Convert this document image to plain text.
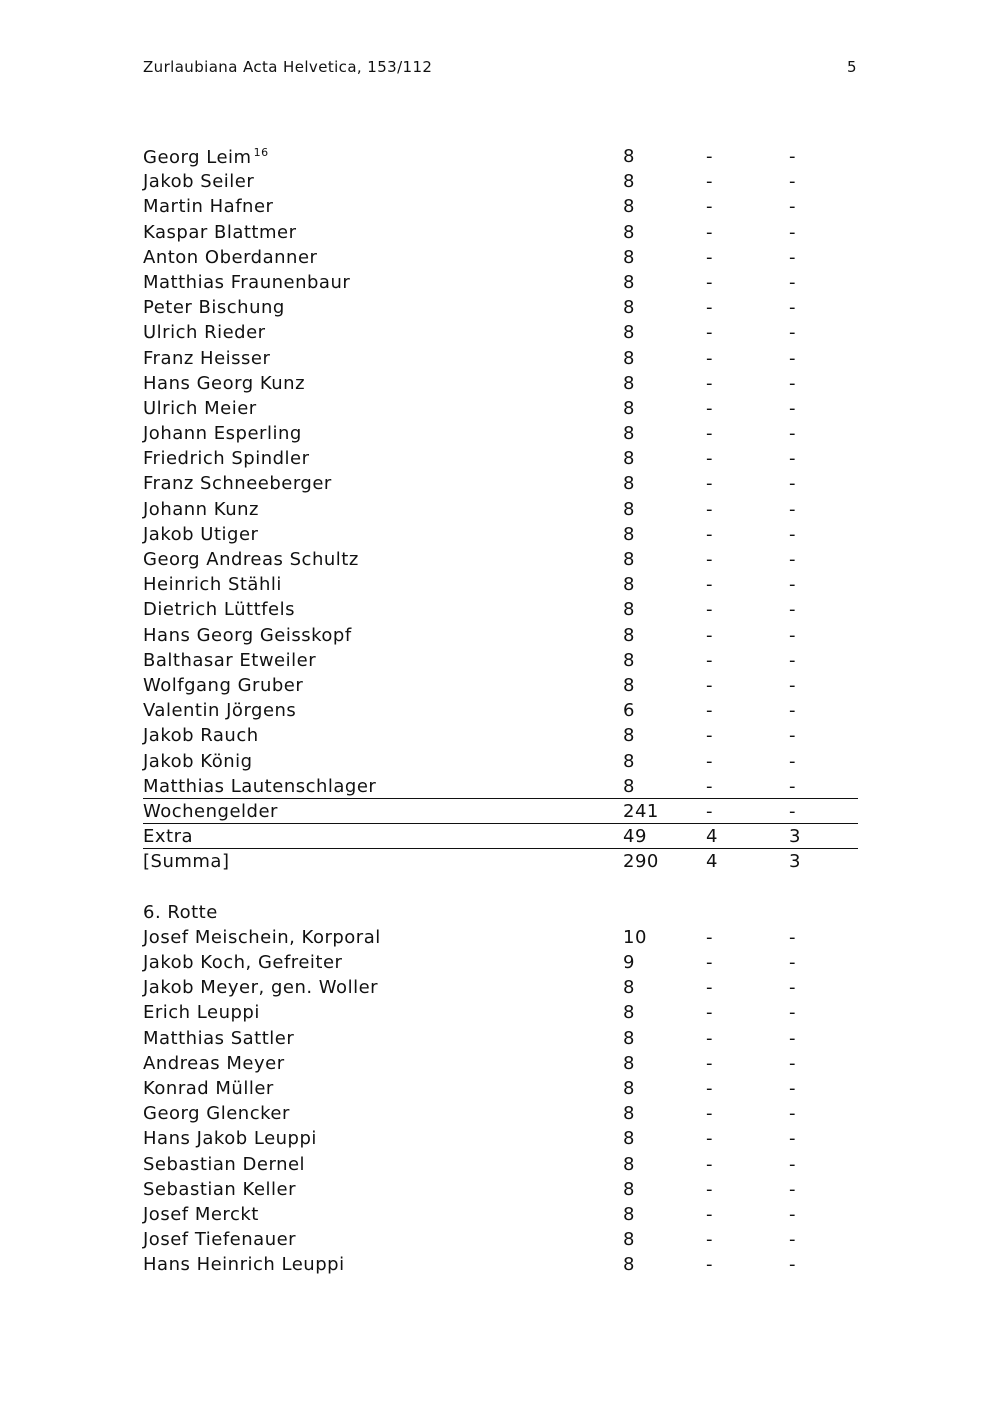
Zurlaubiana Acta Helvetica, 153/112	5
Georg Leim $^{16}$	8	-	-
Jakob Seiler	8	-	-
Martin Hafner	8	-	-
Kaspar Blattmer	8	-	-
Anton Oberdanner	8	-	-
Matthias Fraunenbaur	8	-	-
Peter Bischung	8	-	-
Ulrich Rieder	8	-	-
Franz Heisser	8	-	-
Hans Georg Kunz	8	-	-
Ulrich Meier	8	-	-
Johann Esperling	8	-	-
Friedrich Spindler	8	-	-
Franz Schneeberger	8	-	-
Johann Kunz	8	-	-
Jakob Utiger	8	-	-
Georg Andreas Schultz	8	-	-
Heinrich Stähli	8	-	-
Dietrich Lüttfels	8	-	-
Hans Georg Geisskopf	8	-	-
Balthasar Etweiler	8	-	-
Wolfgang Gruber	8	-	-
Valentin Jörgens	6	-	-
Jakob Rauch	8	-	-
Jakob König	8	-	-
Matthias Lautenschlager	8	-	-
Wochengelder	241	-	-
Extra	49	4	3
[Summa]	290	4	3
6. Rotte
Josef Meischein, Korporal	10	-	-
Jakob Koch, Gefreiter	9	-	-
Jakob Meyer, gen. Woller	8	-	-
Erich Leuppi	8	-	-
Matthias Sattler	8	-	-
Andreas Meyer	8	-	-
Konrad Müller	8	-	-
Georg Glencker	8	-	-
Hans Jakob Leuppi	8	-	-
Sebastian Dernel	8	-	-
Sebastian Keller	8	-	-
Josef Merckt	8	-	-
Josef Tiefenauer	8	-	-
Hans Heinrich Leuppi	8	-	-
